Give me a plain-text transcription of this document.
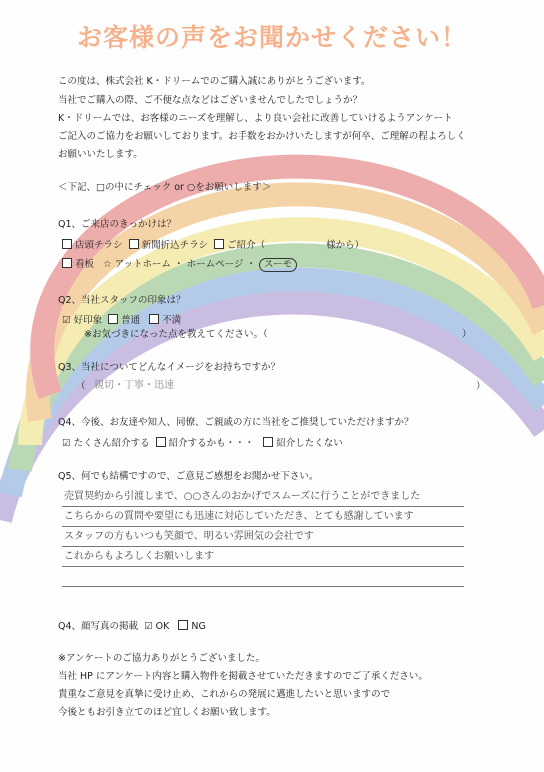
お客様の声をお聞かせください！
この度は、株式会社 K・ドリームでのご購入誠にありがとうございます。
当社でご購入の際、ご不便な点などはございませんでしたでしょうか？
K・ドリームでは、お客様のニーズを理解し、より良い会社に改善していけるようアンケート
ご記入のご協力をお願いしております。お手数をおかけいたしますが何卒、ご理解の程よろしく
お願いいたします。
＜下記、□の中にチェック or ○をお願いします＞
Q1、ご来店のきっかけは？
店頭チラシ 新聞折込チラシ ご紹介（	様から）
看板 ☆ アットホーム ・ ホームページ ・ スーモ
Q2、当社スタッフの印象は？
☑ 好印象 普通 不満
※お気づきになった点を教えてください。（	）
Q3、当社についてどんなイメージをお持ちですか？
（ 親切・丁寧・迅速	）
Q4、今後、お友達や知人、同僚、ご親戚の方に当社をご推奨していただけますか？
☑ たくさん紹介する 紹介するかも・・・ 紹介したくない
Q5、何でも結構ですので、ご意見ご感想をお聞かせ下さい。
売買契約から引渡しまで、○○さんのおかげでスムーズに行うことができました
こちらからの質問や要望にも迅速に対応していただき、とても感謝しています
スタッフの方もいつも笑顔で、明るい雰囲気の会社です
これからもよろしくお願いします
Q4、顔写真の掲載 ☑ OK NG
※アンケートのご協力ありがとうございました。
当社 HP にアンケート内容と購入物件を掲載させていただきますのでご了承ください。
貴重なご意見を真摯に受け止め、これからの発展に邁進したいと思いますので
今後ともお引き立てのほど宜しくお願い致します。
